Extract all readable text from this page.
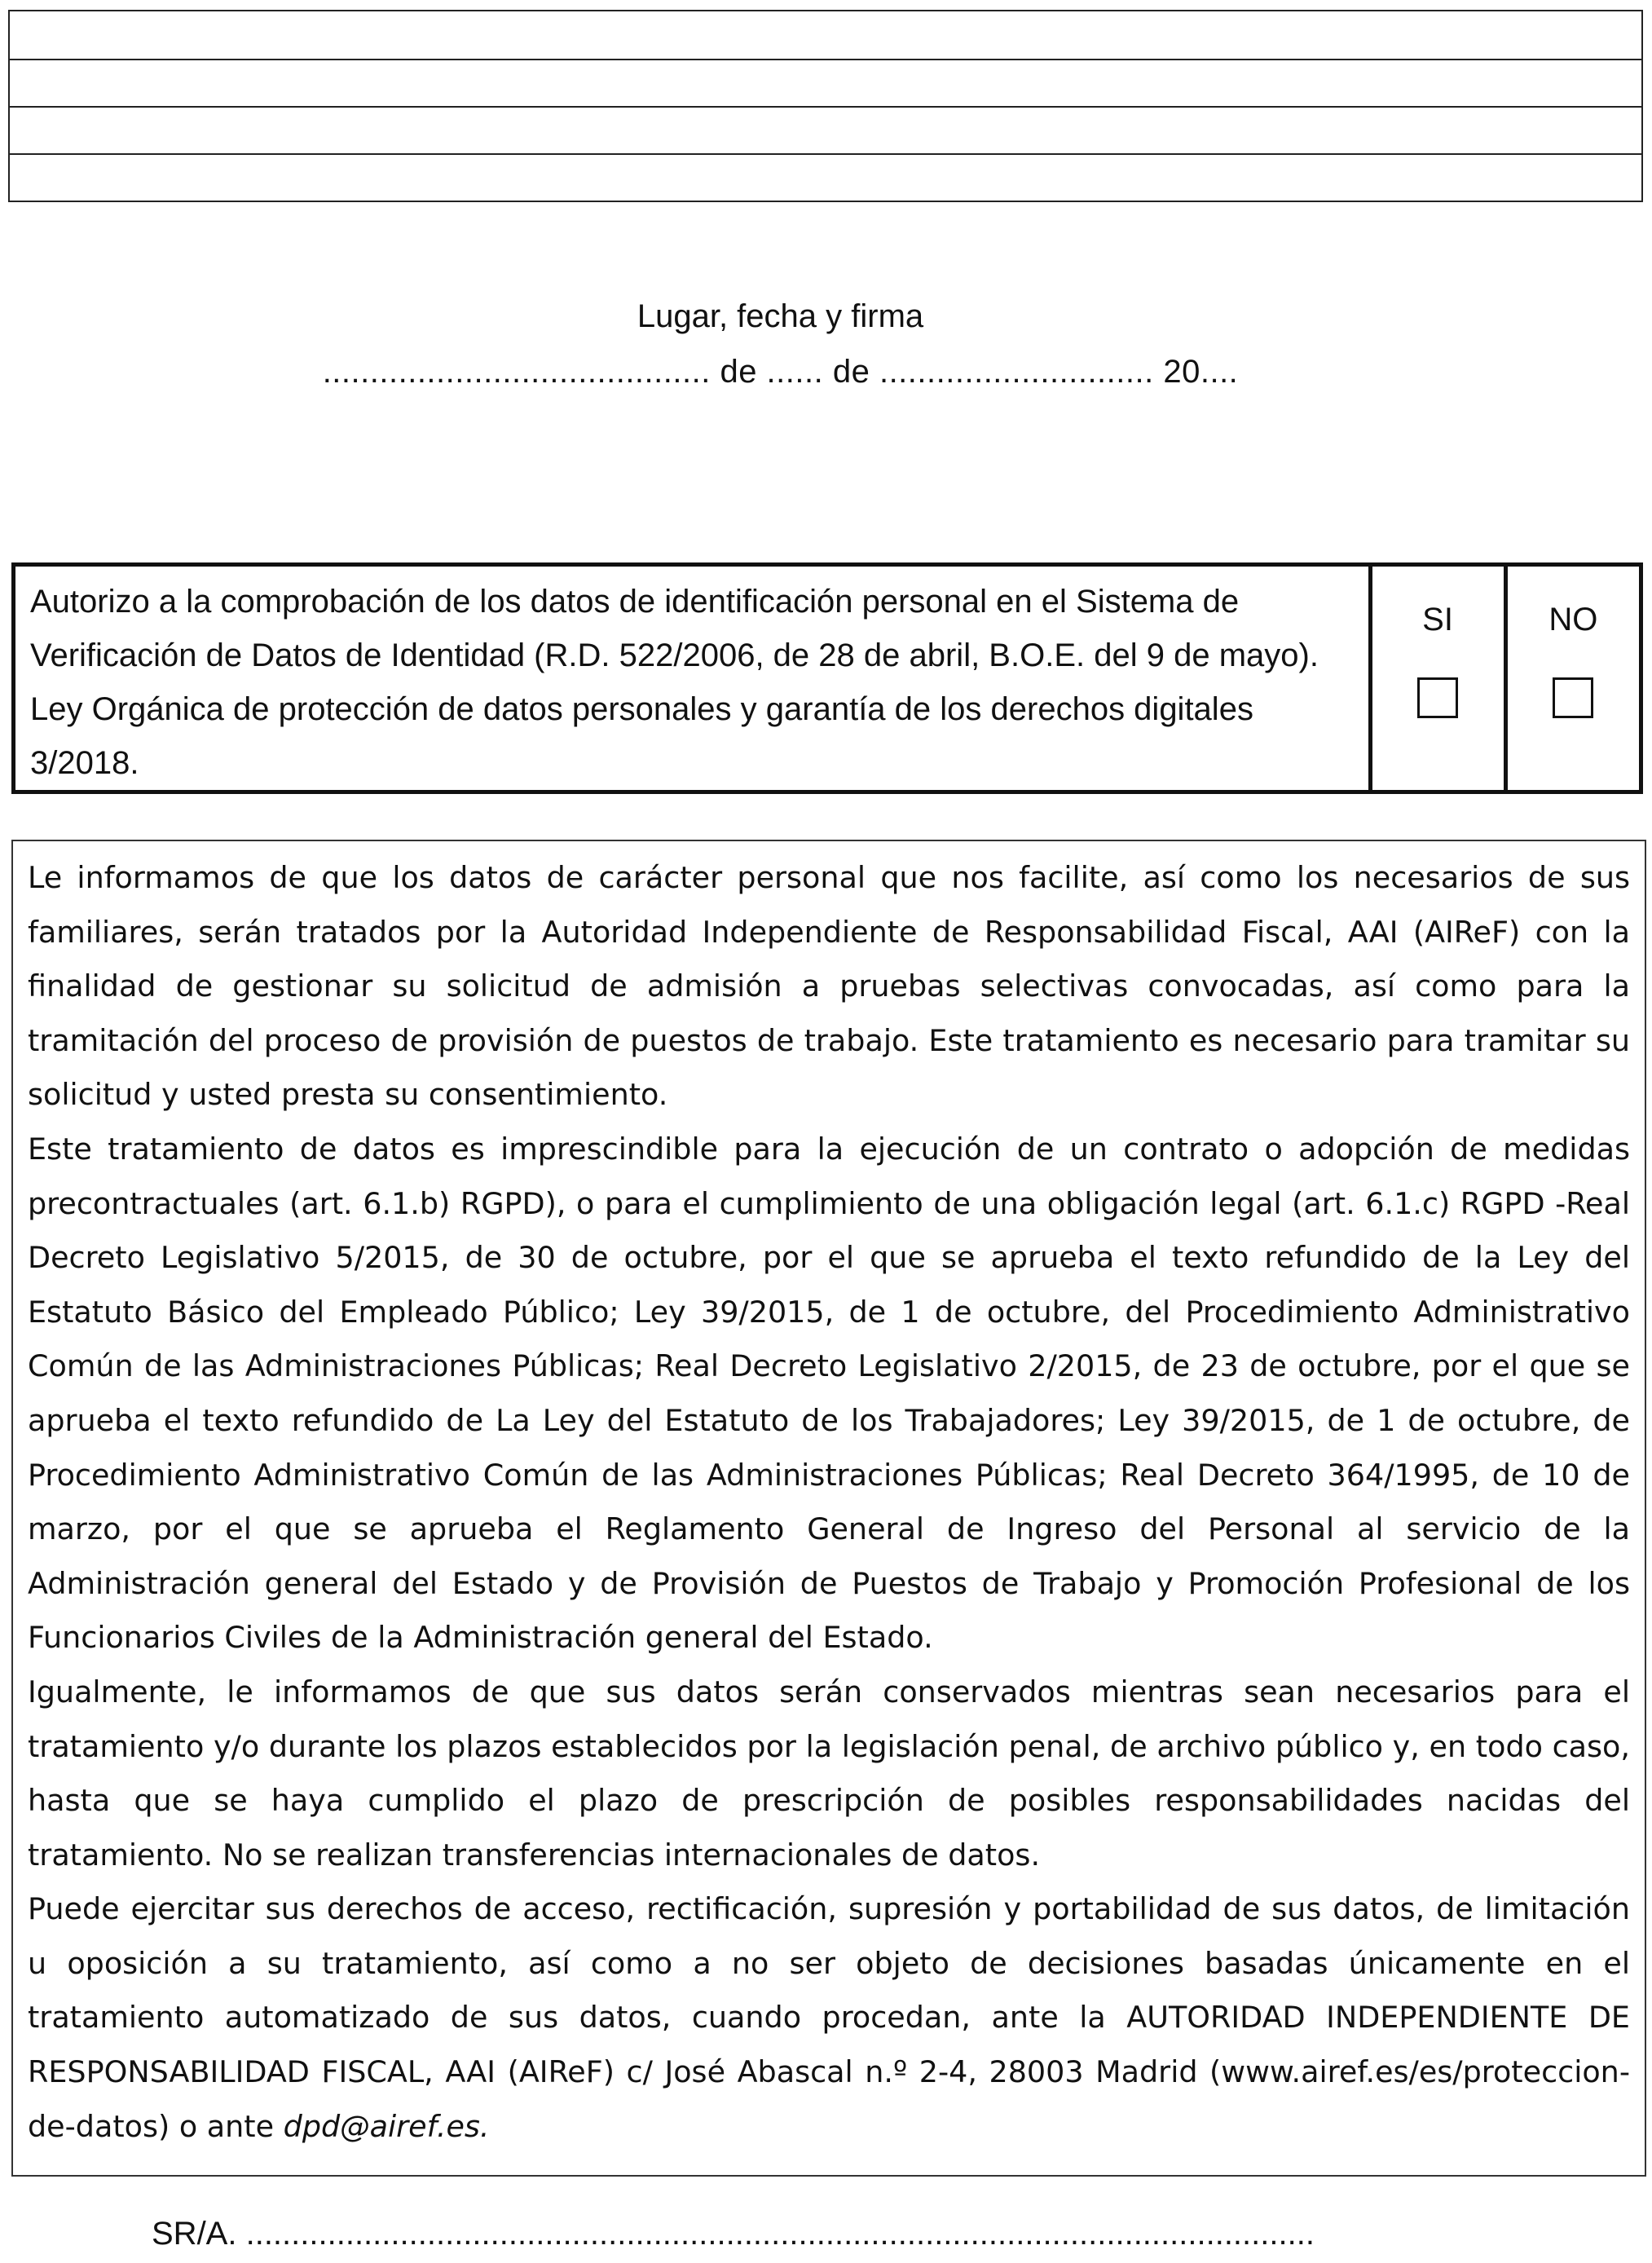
Lugar, fecha y firma
......................................... de ...... de ............................. 20....
Autorizo a la comprobación de los datos de identificación personal en el Sistema de Verificación de Datos de Identidad (R.D. 522/2006, de 28 de abril, B.O.E. del 9 de mayo). Ley Orgánica de protección de datos personales y garantía de los derechos digitales 3/2018.	
SI	NO

Le informamos de que los datos de carácter personal que nos facilite, así como los necesarios de sus familiares, serán tratados por la Autoridad Independiente de Responsabilidad Fiscal, AAI (AIReF) con la finalidad de gestionar su solicitud de admisión a pruebas selectivas convocadas, así como para la tramitación del proceso de provisión de puestos de trabajo. Este tratamiento es necesario para tramitar su solicitud y usted presta su consentimiento.

Este tratamiento de datos es imprescindible para la ejecución de un contrato o adopción de medidas precontractuales (art. 6.1.b) RGPD), o para el cumplimiento de una obligación legal (art. 6.1.c) RGPD -Real Decreto Legislativo 5/2015, de 30 de octubre, por el que se aprueba el texto refundido de la Ley del Estatuto Básico del Empleado Público; Ley 39/2015, de 1 de octubre, del Procedimiento Administrativo Común de las Administraciones Públicas; Real Decreto Legislativo 2/2015, de 23 de octubre, por el que se aprueba el texto refundido de La Ley del Estatuto de los Trabajadores; Ley 39/2015, de 1 de octubre, de Procedimiento Administrativo Común de las Administraciones Públicas; Real Decreto 364/1995, de 10 de marzo, por el que se aprueba el Reglamento General de Ingreso del Personal al servicio de la Administración general del Estado y de Provisión de Puestos de Trabajo y Promoción Profesional de los Funcionarios Civiles de la Administración general del Estado.

Igualmente, le informamos de que sus datos serán conservados mientras sean necesarios para el tratamiento y/o durante los plazos establecidos por la legislación penal, de archivo público y, en todo caso, hasta que se haya cumplido el plazo de prescripción de posibles responsabilidades nacidas del tratamiento. No se realizan transferencias internacionales de datos.

Puede ejercitar sus derechos de acceso, rectificación, supresión y portabilidad de sus datos, de limitación u oposición a su tratamiento, así como a no ser objeto de decisiones basadas únicamente en el tratamiento automatizado de sus datos, cuando procedan, ante la AUTORIDAD INDEPENDIENTE DE RESPONSABILIDAD FISCAL, AAI (AIReF) c/ José Abascal n.º 2-4, 28003 Madrid (www.airef.es/es/proteccion-de-datos) o ante dpd@airef.es.

SR/A. ......................................................................................................................
